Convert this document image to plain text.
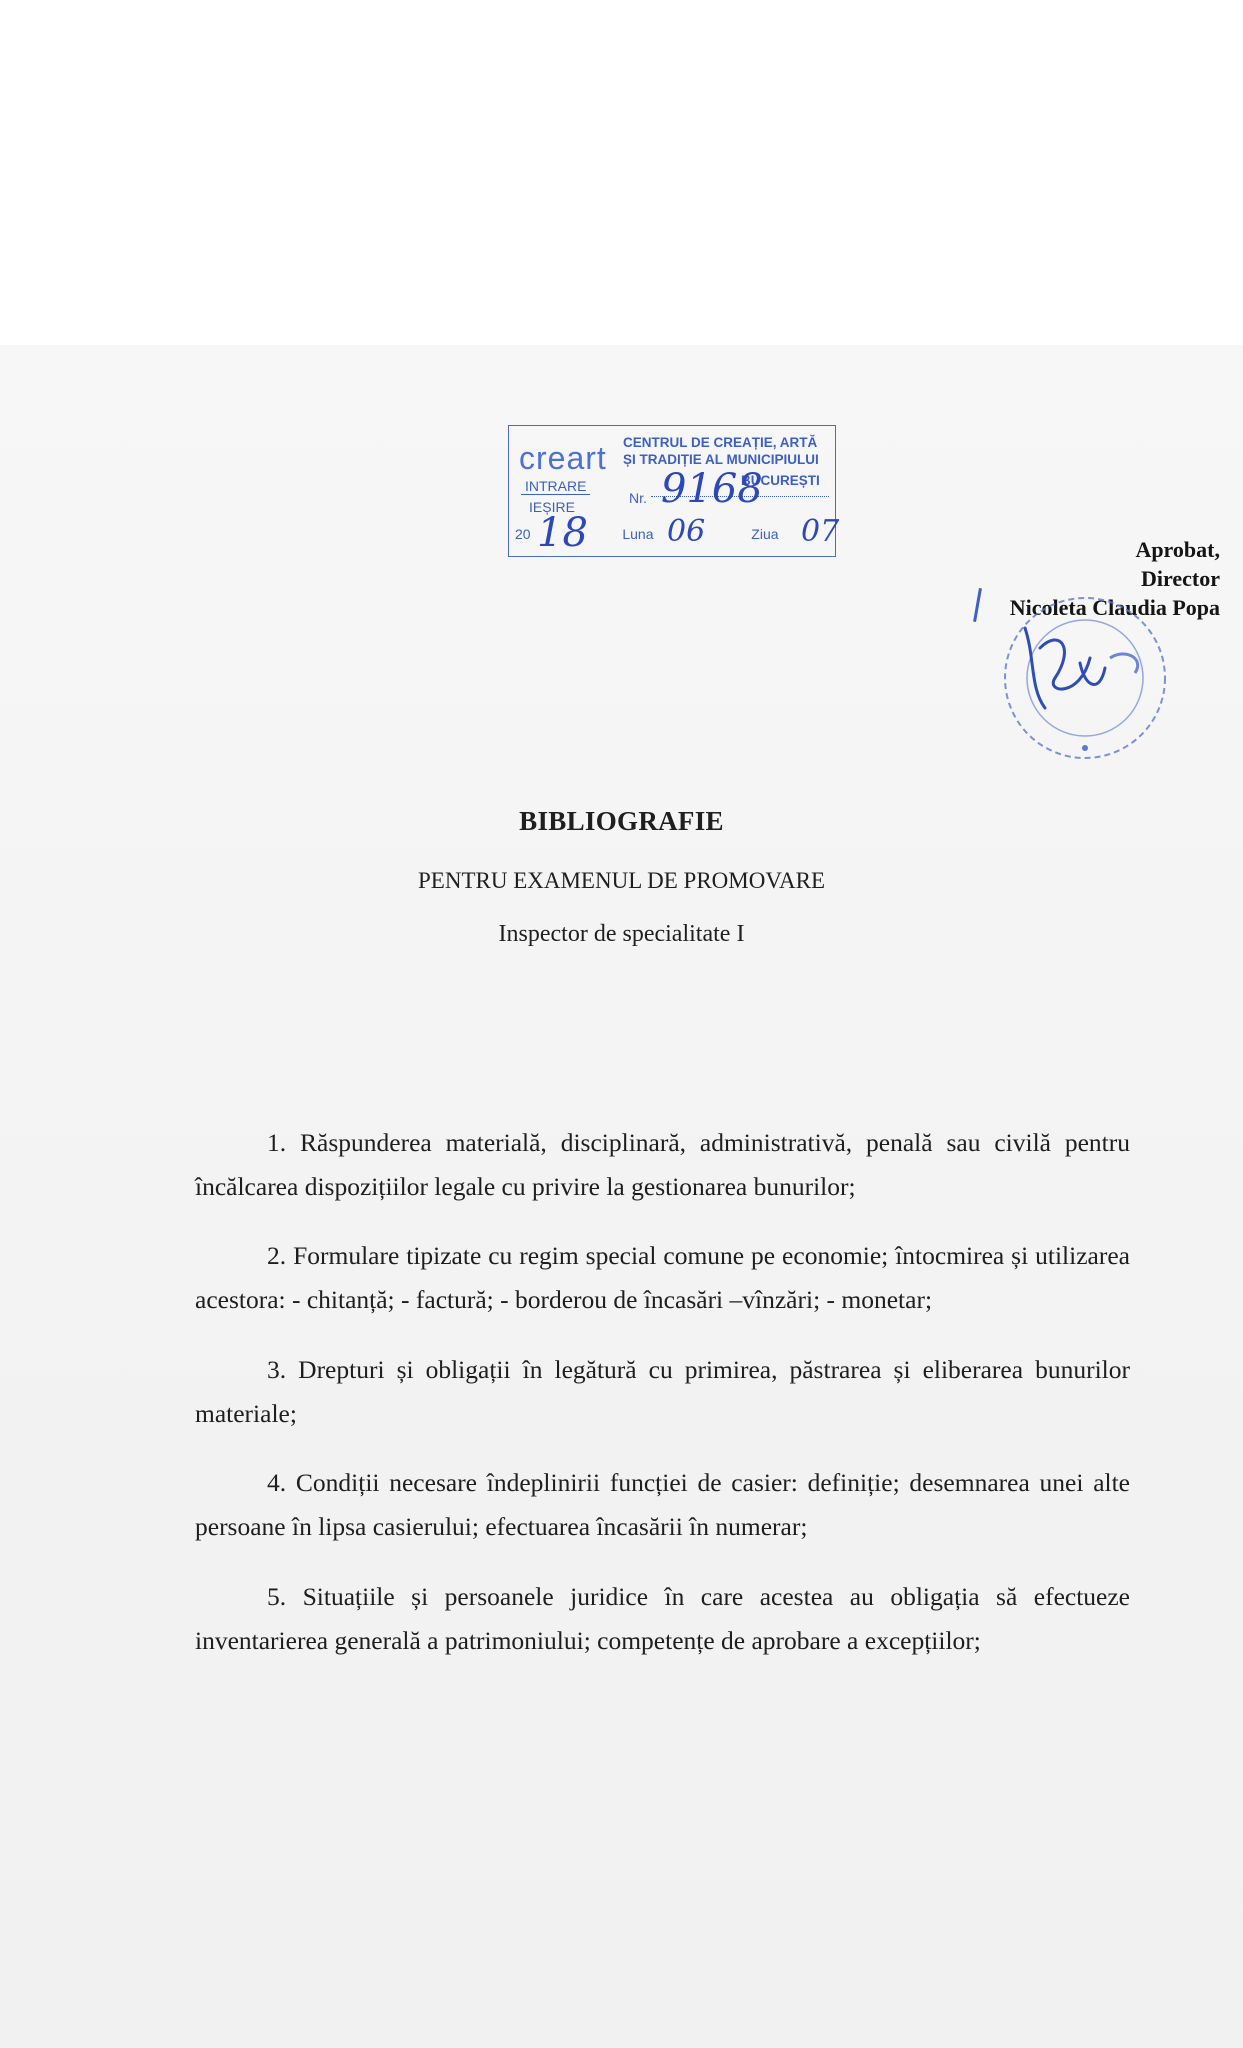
creart CENTRUL DE CREAȚIE, ARTĂ
ȘI TRADIȚIE AL MUNICIPIULUI
BUCUREȘTI
INTRARE
IEȘIRE
Nr. 9168
20	Luna	Ziua
18	06	07
Aprobat,
Director
Nicoleta Claudia Popa
BIBLIOGRAFIE
PENTRU EXAMENUL DE PROMOVARE
Inspector de specialitate I

1. Răspunderea materială, disciplinară, administrativă, penală sau civilă pentru încălcarea dispozițiilor legale cu privire la gestionarea bunurilor;

2. Formulare tipizate cu regim special comune pe economie; întocmirea și utilizarea acestora: - chitanță; - factură; - borderou de încasări –vînzări; - monetar;

3. Drepturi și obligații în legătură cu primirea, păstrarea și eliberarea bunurilor materiale;

4. Condiții necesare îndeplinirii funcției de casier: definiție; desemnarea unei alte persoane în lipsa casierului; efectuarea încasării în numerar;

5. Situațiile și persoanele juridice în care acestea au obligația să efectueze inventarierea generală a patrimoniului; competențe de aprobare a excepțiilor;
